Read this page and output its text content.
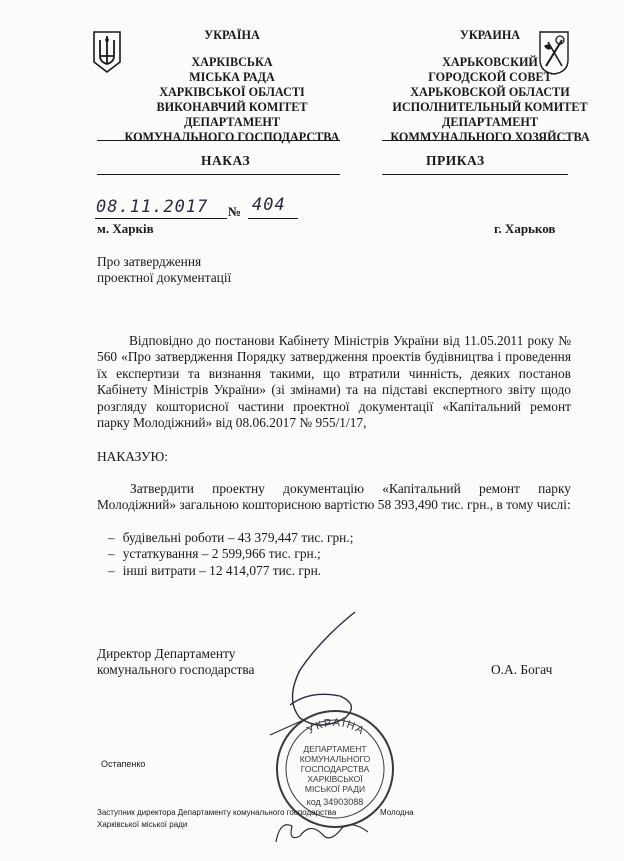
УКРАЇНА
ХАРКІВСЬКА
МІСЬКА РАДА
ХАРКІВСЬКОЇ ОБЛАСТІ
ВИКОНАВЧИЙ КОМІТЕТ
ДЕПАРТАМЕНТ
КОМУНАЛЬНОГО ГОСПОДАРСТВА
УКРАИНА
ХАРЬКОВСКИЙ
ГОРОДСКОЙ СОВЕТ
ХАРЬКОВСКОЙ ОБЛАСТИ
ИСПОЛНИТЕЛЬНЫЙ КОМИТЕТ
ДЕПАРТАМЕНТ
КОММУНАЛЬНОГО ХОЗЯЙСТВА
НАКАЗ	ПРИКАЗ
08.11.2017 № 404
м. Харків	г. Харьков
Про затвердження
проектної документації
Відповідно до постанови Кабінету Міністрів України від 11.05.2011 року № 560 «Про затвердження Порядку затвердження проектів будівництва і проведення їх експертизи та визнання такими, що втратили чинність, деяких постанов Кабінету Міністрів України» (зі змінами) та на підставі експертного звіту щодо розгляду кошторисної частини проектної документації «Капітальний ремонт парку Молодіжний» від 08.06.2017 № 955/1/17,
НАКАЗУЮ:
Затвердити проектну документацію «Капітальний ремонт парку Молодіжний» загальною кошторисною вартістю 58 393,490 тис. грн., в тому числі:
– будівельні роботи – 43 379,447 тис. грн.;
– устаткування – 2 599,966 тис. грн.;
– інші витрати – 12 414,077 тис. грн.
Директор Департаменту
комунального господарства	О.А. Богач
УКРАЇНА
ДЕПАРТАМЕНТ
КОМУНАЛЬНОГО
ГОСПОДАРСТВА
ХАРКІВСЬКОЇ
МІСЬКОЇ РАДИ
код 34903088
Остапенко
Заступник директора Департаменту комунального господарства	Молодна
Харківської міської ради
